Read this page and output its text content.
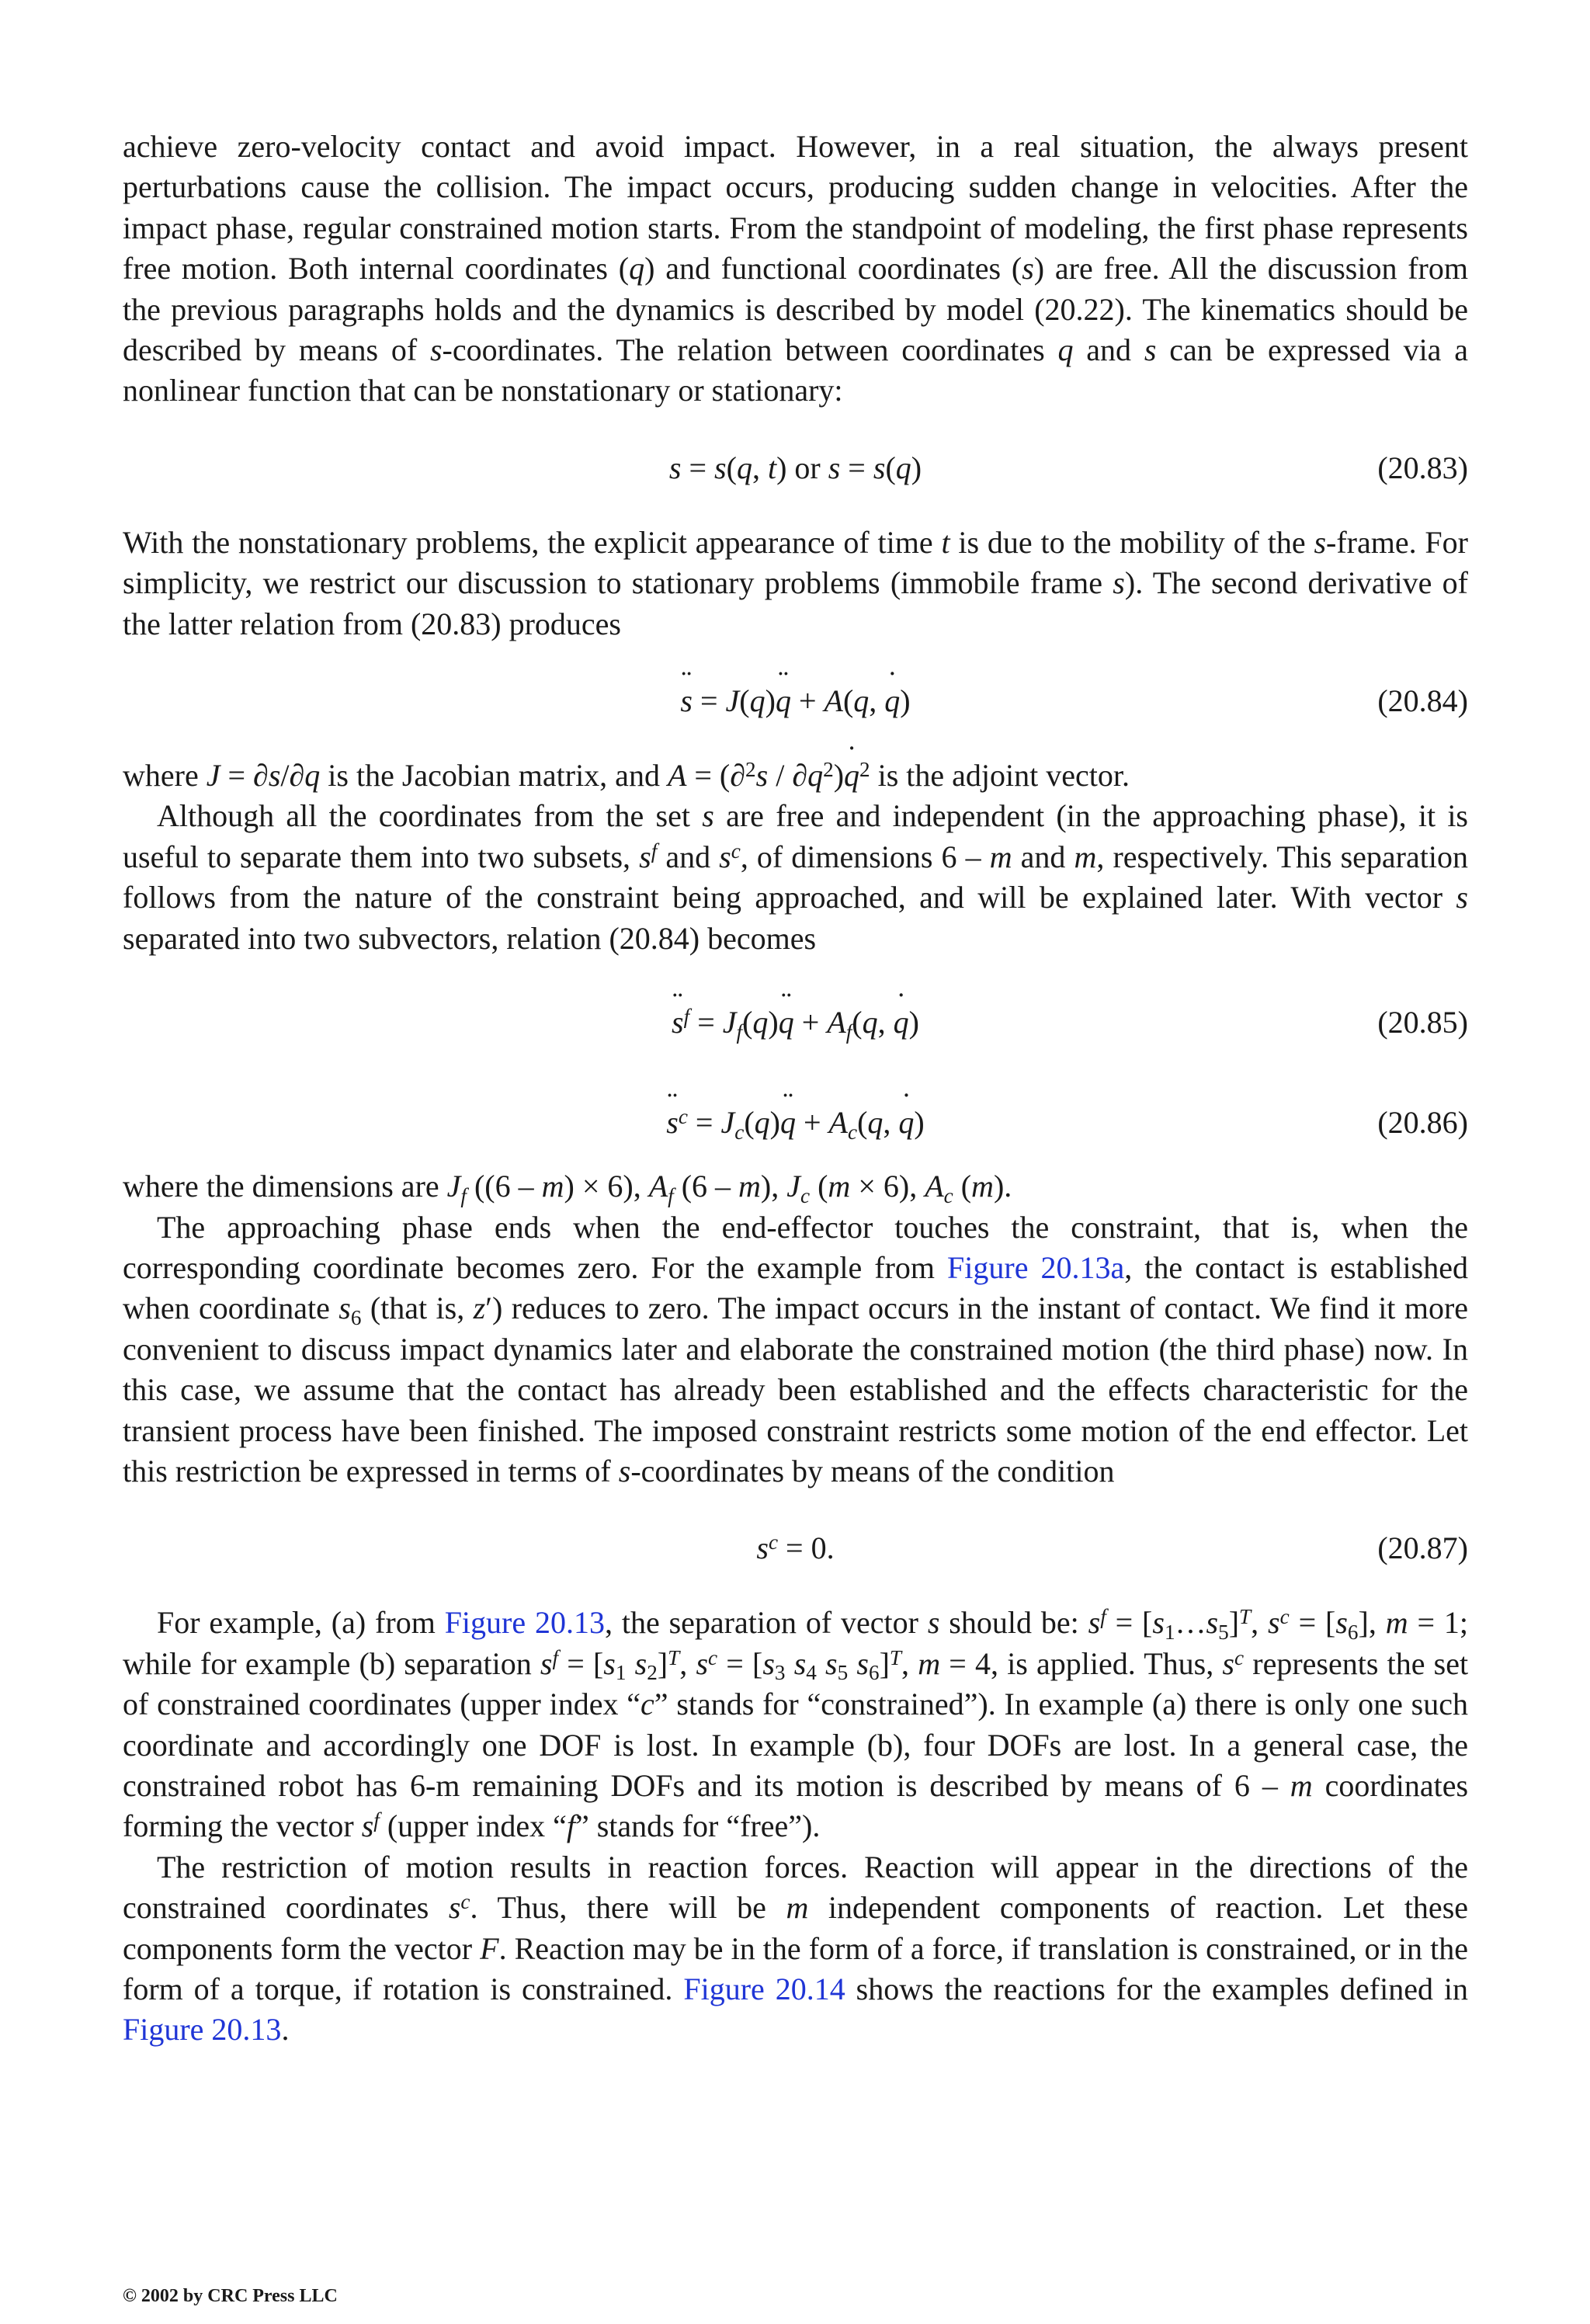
achieve zero-velocity contact and avoid impact. However, in a real situation, the always present perturbations cause the collision. The impact occurs, producing sudden change in velocities. After the impact phase, regular constrained motion starts. From the standpoint of modeling, the first phase represents free motion. Both internal coordinates (q) and functional coordinates (s) are free. All the discussion from the previous paragraphs holds and the dynamics is described by model (20.22). The kinematics should be described by means of s-coordinates. The relation between coordinates q and s can be expressed via a nonlinear function that can be nonstationary or stationary:

s = s(q, t) or s = s(q)	(20.83)

With the nonstationary problems, the explicit appearance of time t is due to the mobility of the s-frame. For simplicity, we restrict our discussion to stationary problems (immobile frame s). The second derivative of the latter relation from (20.83) produces

¨ s = J(q)¨ q + A(q, ˙ q)	(20.84)

where J = ∂s/∂q is the Jacobian matrix, and $A = (\partial^2s / \partial q^2)˙$ $q^2$ is the adjoint vector.

Although all the coordinates from the set s are free and independent (in the approaching phase), it is useful to separate them into two subsets, $s^f$ and $s^c$, of dimensions 6 – m and m, respectively. This separation follows from the nature of the constraint being approached, and will be explained later. With vector s separated into two subvectors, relation (20.84) becomes

¨ $s^f$ = $J_f(q)¨$ $q + A_f(q$, ˙ q)	(20.85)
¨ $s^c$ = $J_c(q)¨$ $q + A_c(q$, ˙ q)	(20.86)

where the dimensions are $J_f$ ((6 – m) × 6), $A_f$ (6 – m), $J_c$ (m × 6), $A_c$ (m).

The approaching phase ends when the end-effector touches the constraint, that is, when the corresponding coordinate becomes zero. For the example from Figure 20.13a, the contact is established when coordinate $s_6$ (that is, z′) reduces to zero. The impact occurs in the instant of contact. We find it more convenient to discuss impact dynamics later and elaborate the constrained motion (the third phase) now. In this case, we assume that the contact has already been established and the effects characteristic for the transient process have been finished. The imposed constraint restricts some motion of the end effector. Let this restriction be expressed in terms of s-coordinates by means of the condition

$s^c = 0$.	(20.87)

For example, (a) from Figure 20.13, the separation of vector s should be: $s^f$ = $[s_1\dots s_5]^T$, $s^c = [s_6]$, m = 1; while for example (b) separation $s^f = [s_1$ $s_2]^T$, $s^c = [s_3$ $s_4$ $s_5$ $s_6]^T$, m = 4, is applied. Thus, $s^c$ represents the set of constrained coordinates (upper index “c” stands for “constrained”). In example (a) there is only one such coordinate and accordingly one DOF is lost. In example (b), four DOFs are lost. In a general case, the constrained robot has 6-m remaining DOFs and its motion is described by means of 6 – m coordinates forming the vector $s^f$ (upper index “f” stands for “free”).

The restriction of motion results in reaction forces. Reaction will appear in the directions of the constrained coordinates $s^c$. Thus, there will be m independent components of reaction. Let these components form the vector F. Reaction may be in the form of a force, if translation is constrained, or in the form of a torque, if rotation is constrained. Figure 20.14 shows the reactions for the examples defined in Figure 20.13.

© 2002 by CRC Press LLC
